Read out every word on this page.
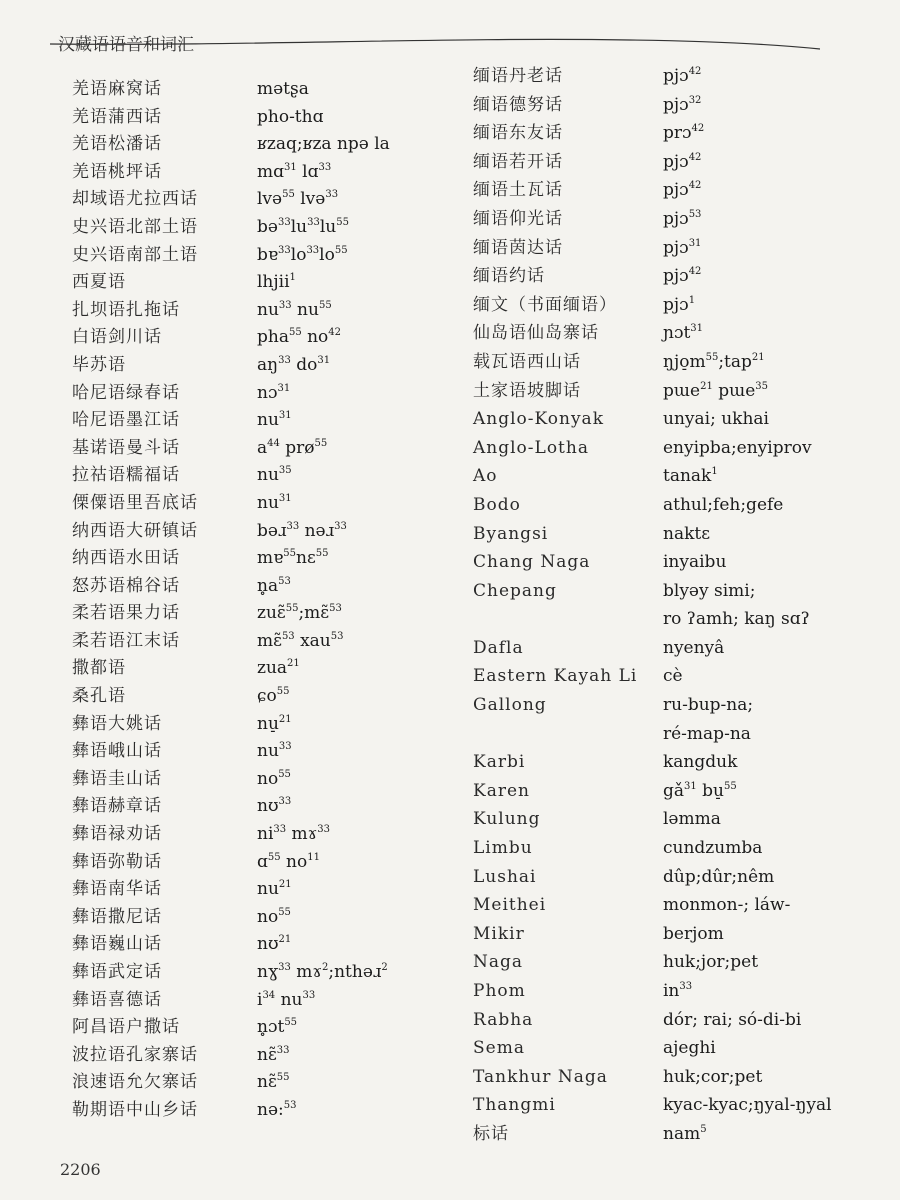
汉藏语语音和词汇
羌语麻窝话
羌语蒲西话
羌语松潘话
羌语桃坪话
却域语尤拉西话
史兴语北部土语
史兴语南部土语
西夏语
扎坝语扎拖话
白语剑川话
毕苏语
哈尼语绿春话
哈尼语墨江话
基诺语曼斗话
拉祜语糯福话
傈僳语里吾底话
纳西语大研镇话
纳西语水田话
怒苏语棉谷话
柔若语果力话
柔若语江末话
撒都语
桑孔语
彝语大姚话
彝语峨山话
彝语圭山话
彝语赫章话
彝语禄劝话
彝语弥勒话
彝语南华话
彝语撒尼话
彝语巍山话
彝语武定话
彝语喜德话
阿昌语户撒话
波拉语孔家寨话
浪速语允欠寨话
勒期语中山乡话
mətʂa
pho-thɑ
ʁzaq;ʁza npə la
mɑ$^{31}$ lɑ$^{33}$
lvə$^{55}$ lvə$^{33}$
$bə^{33}lu^{33}lu^{55}$
$bɐ^{33}lo^{33}lo^{55}$
lhjii$^1$
$nu^{33}$ $nu^{55}$
pha$^{55}$ $no^{42}$
$aŋ^{33}$ $do^{31}$
nɔ$^{31}$
$nu^{31}$
$a^{44}$ prø$^{55}$
$nu^{35}$
$nu^{31}$
bəɹ$^{33}$ nəɹ$^{33}$
mɐ$^{55}$nɛ$^{55}$
$n̥a^{53}$
zuɛ̃$^{55}$;mɛ̃$^{53}$
mɛ̃$^{53}$ xau$^{53}$
zua$^{21}$
ɕo$^{55}$
nu̠$^{21}$
$nu^{33}$
$no^{55}$
nʊ$^{33}$
$ni^{33}$ mɤ$^{33}$
ɑ$^{55}$ $no^{11}$
$nu^{21}$
$no^{55}$
nʊ$^{21}$
nɣ$^{33}$ mɤ$^2$;nthəɹ$^2$
$i^{34}$ $nu^{33}$
n̥ɔt$^{55}$
nɛ̃$^{33}$
nɛ̃$^{55}$
nə:$^{53}$
缅语丹老话
缅语德努话
缅语东友话
缅语若开话
缅语土瓦话
缅语仰光话
缅语茵达话
缅语约话
缅文（书面缅语）
仙岛语仙岛寨话
载瓦语西山话
土家语坡脚话
Anglo-Konyak
Anglo-Lotha
Ao
Bodo
Byangsi
Chang Naga
Chepang
Dafla
Eastern Kayah Li
Gallong
Karbi
Karen
Kulung
Limbu
Lushai
Meithei
Mikir
Naga
Phom
Rabha
Sema
Tankhur Naga
Thangmi
标话
pjɔ$^{42}$
pjɔ$^{32}$
prɔ$^{42}$
pjɔ$^{42}$
pjɔ$^{42}$
pjɔ$^{53}$
pjɔ$^{31}$
pjɔ$^{42}$
pjɔ$^1$
ɲɔt$^{31}$
$ŋjo̠m^{55};tap^{21}$
pɯe$^{21}$ pɯe$^{35}$
unyai; ukhai
enyipba;enyiprov
tanak$^1$
athul;feh;gefe
naktɛ
inyaibu
blyəy simi;
ro ʔamh; kaŋ sɑʔ
nyenyâ
cè
ru-bup-na;
ré-map-na
kangduk
$gǎ^{31}$ bu̠$^{55}$
ləmma
cundzumba
dûp;dûr;nêm
monmon-; láw-
berjom
huk;jor;pet
$in^{33}$
dór; rai; só-di-bi
ajeghi
huk;cor;pet
kyac-kyac;ŋyal-ŋyal
nam$^5$
2206
